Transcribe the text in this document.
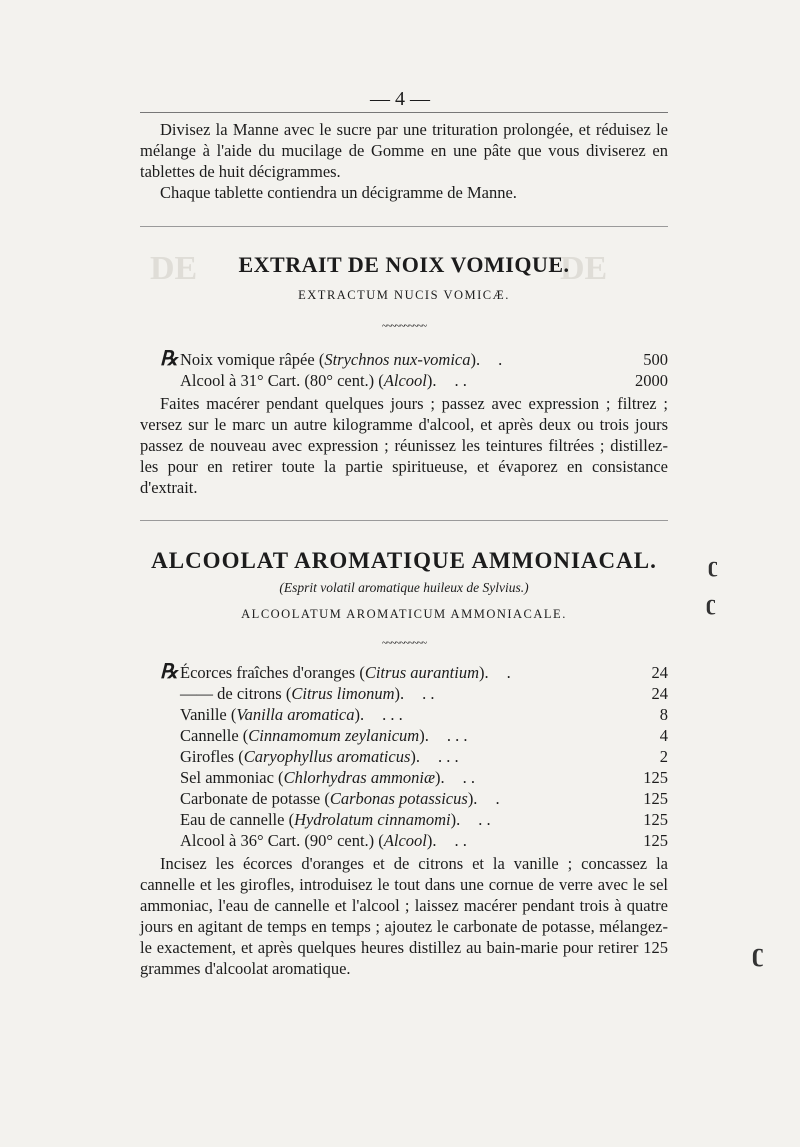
DE	DE
— 4 —

Divisez la Manne avec le sucre par une trituration prolongée, et réduisez le mélange à l'aide du mucilage de Gomme en une pâte que vous diviserez en tablettes de huit décigrammes.

Chaque tablette contiendra un décigramme de Manne.

EXTRAIT DE NOIX VOMIQUE.

EXTRACTUM NUCIS VOMICÆ.

~~~~~~~~~~

℞ Noix vomique râpée (Strychnos nux-vomica). .	500
Alcool à 31° Cart. (80° cent.) (Alcool). . .	2000

Faites macérer pendant quelques jours ; passez avec expression ; filtrez ; versez sur le marc un autre kilogramme d'alcool, et après deux ou trois jours passez de nouveau avec expression ; réunissez les teintures filtrées ; distillez-les pour en retirer toute la partie spiritueuse, et évaporez en consistance d'extrait.

ALCOOLAT AROMATIQUE AMMONIACAL.

(Esprit volatil aromatique huileux de Sylvius.)

ALCOOLATUM AROMATICUM AMMONIACALE.

~~~~~~~~~~

℞ Écorces fraîches d'oranges (Citrus aurantium). .	24
—— de citrons (Citrus limonum). . .	24
Vanille (Vanilla aromatica). . . .	8
Cannelle (Cinnamomum zeylanicum). . . .	4
Girofles (Caryophyllus aromaticus). . . .	2
Sel ammoniac (Chlorhydras ammoniæ). . .	125
Carbonate de potasse (Carbonas potassicus). .	125
Eau de cannelle (Hydrolatum cinnamomi). . .	125
Alcool à 36° Cart. (90° cent.) (Alcool). . .	125

Incisez les écorces d'oranges et de citrons et la vanille ; concassez la cannelle et les girofles, introduisez le tout dans une cornue de verre avec le sel ammoniac, l'eau de cannelle et l'alcool ; laissez macérer pendant trois à quatre jours en agitant de temps en temps ; ajoutez le carbonate de potasse, mélangez-le exactement, et après quelques heures distillez au bain-marie pour retirer 125 grammes d'alcoolat aromatique.

ʗ
ʗ
ʗ
